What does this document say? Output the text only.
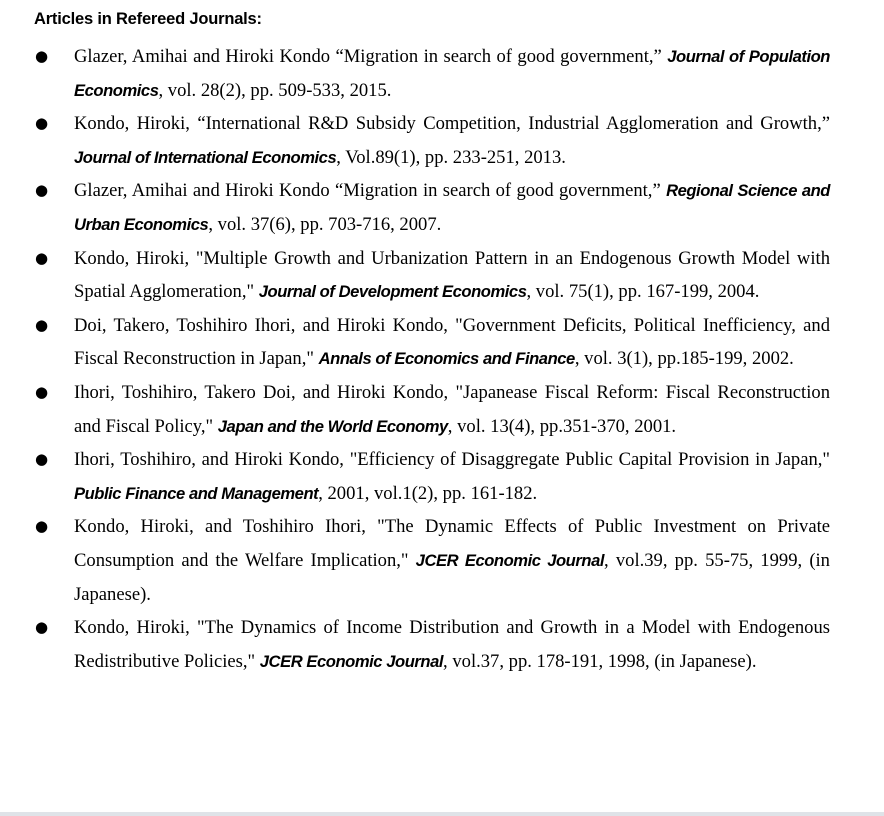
Articles in Refereed Journals:
● Glazer, Amihai and Hiroki Kondo “Migration in search of good government,” Journal of Population Economics, vol. 28(2), pp. 509-533, 2015.
● Kondo, Hiroki, “International R&D Subsidy Competition, Industrial Agglomeration and Growth,” Journal of International Economics, Vol.89(1), pp. 233-251, 2013.
● Glazer, Amihai and Hiroki Kondo “Migration in search of good government,” Regional Science and Urban Economics, vol. 37(6), pp. 703-716, 2007.
● Kondo, Hiroki, "Multiple Growth and Urbanization Pattern in an Endogenous Growth Model with Spatial Agglomeration," Journal of Development Economics, vol. 75(1), pp. 167-199, 2004.
● Doi, Takero, Toshihiro Ihori, and Hiroki Kondo, "Government Deficits, Political Inefficiency, and Fiscal Reconstruction in Japan," Annals of Economics and Finance, vol. 3(1), pp.185-199, 2002.
● Ihori, Toshihiro, Takero Doi, and Hiroki Kondo, "Japanease Fiscal Reform: Fiscal Reconstruction and Fiscal Policy," Japan and the World Economy, vol. 13(4), pp.351-370, 2001.
● Ihori, Toshihiro, and Hiroki Kondo, "Efficiency of Disaggregate Public Capital Provision in Japan," Public Finance and Management, 2001, vol.1(2), pp. 161-182.
● Kondo, Hiroki, and Toshihiro Ihori, "The Dynamic Effects of Public Investment on Private Consumption and the Welfare Implication," JCER Economic Journal, vol.39, pp. 55-75, 1999, (in Japanese).
● Kondo, Hiroki, "The Dynamics of Income Distribution and Growth in a Model with Endogenous Redistributive Policies," JCER Economic Journal, vol.37, pp. 178-191, 1998, (in Japanese).
